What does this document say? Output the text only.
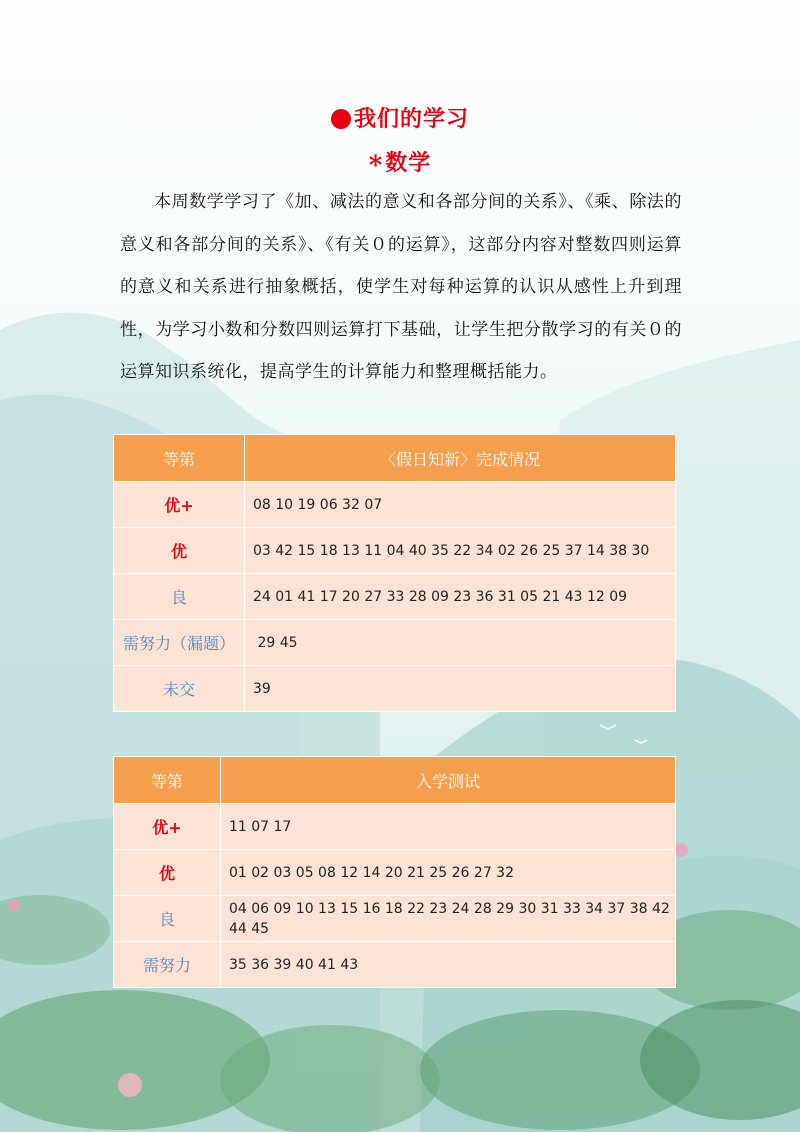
我们的学习
*数学
本周数学学习了《加、减法的意义和各部分间的关系》、《乘、除法的意义和各部分间的关系》、《有关０的运算》，这部分内容对整数四则运算的意义和关系进行抽象概括，使学生对每种运算的认识从感性上升到理性，为学习小数和分数四则运算打下基础，让学生把分散学习的有关０的运算知识系统化，提高学生的计算能力和整理概括能力。
等第	〈假日知新〉完成情况
优+	08 10 19 06 32 07
优	03 42 15 18 13 11 04 40 35 22 34 02 26 25 37 14 38 30
良	24 01 41 17 20 27 33 28 09 23 36 31 05 21 43 12 09
需努力（漏题）	29 45
未交	39
等第	入学测试
优+	11 07 17
优	01 02 03 05 08 12 14 20 21 25 26 27 32
良	04 06 09 10 13 15 16 18 22 23 24 28 29 30 31 33 34 37 38 42 44 45
需努力	35 36 39 40 41 43
